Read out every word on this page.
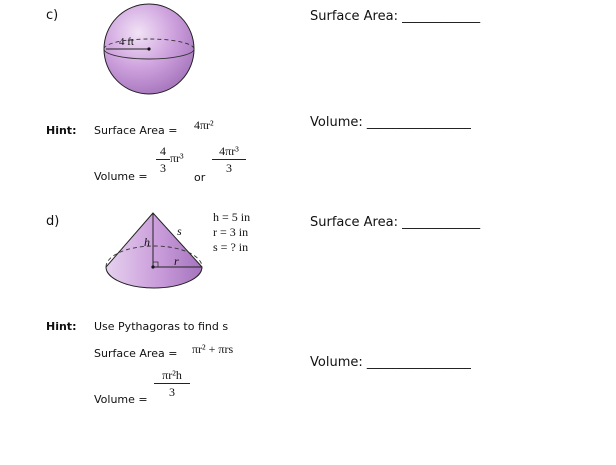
c)
4 ft
Surface Area: ____________
Volume: ________________
Hint: Surface Area = 4πr²
Volume =
4
3
πr³
or
4πr³
3
d)
h
s
r
h = 5 in
r = 3 in
s = ? in
Surface Area: ____________
Volume: ________________
Hint: Use Pythagoras to find s
Surface Area = πr² + πrs
Volume =
πr²h
3
